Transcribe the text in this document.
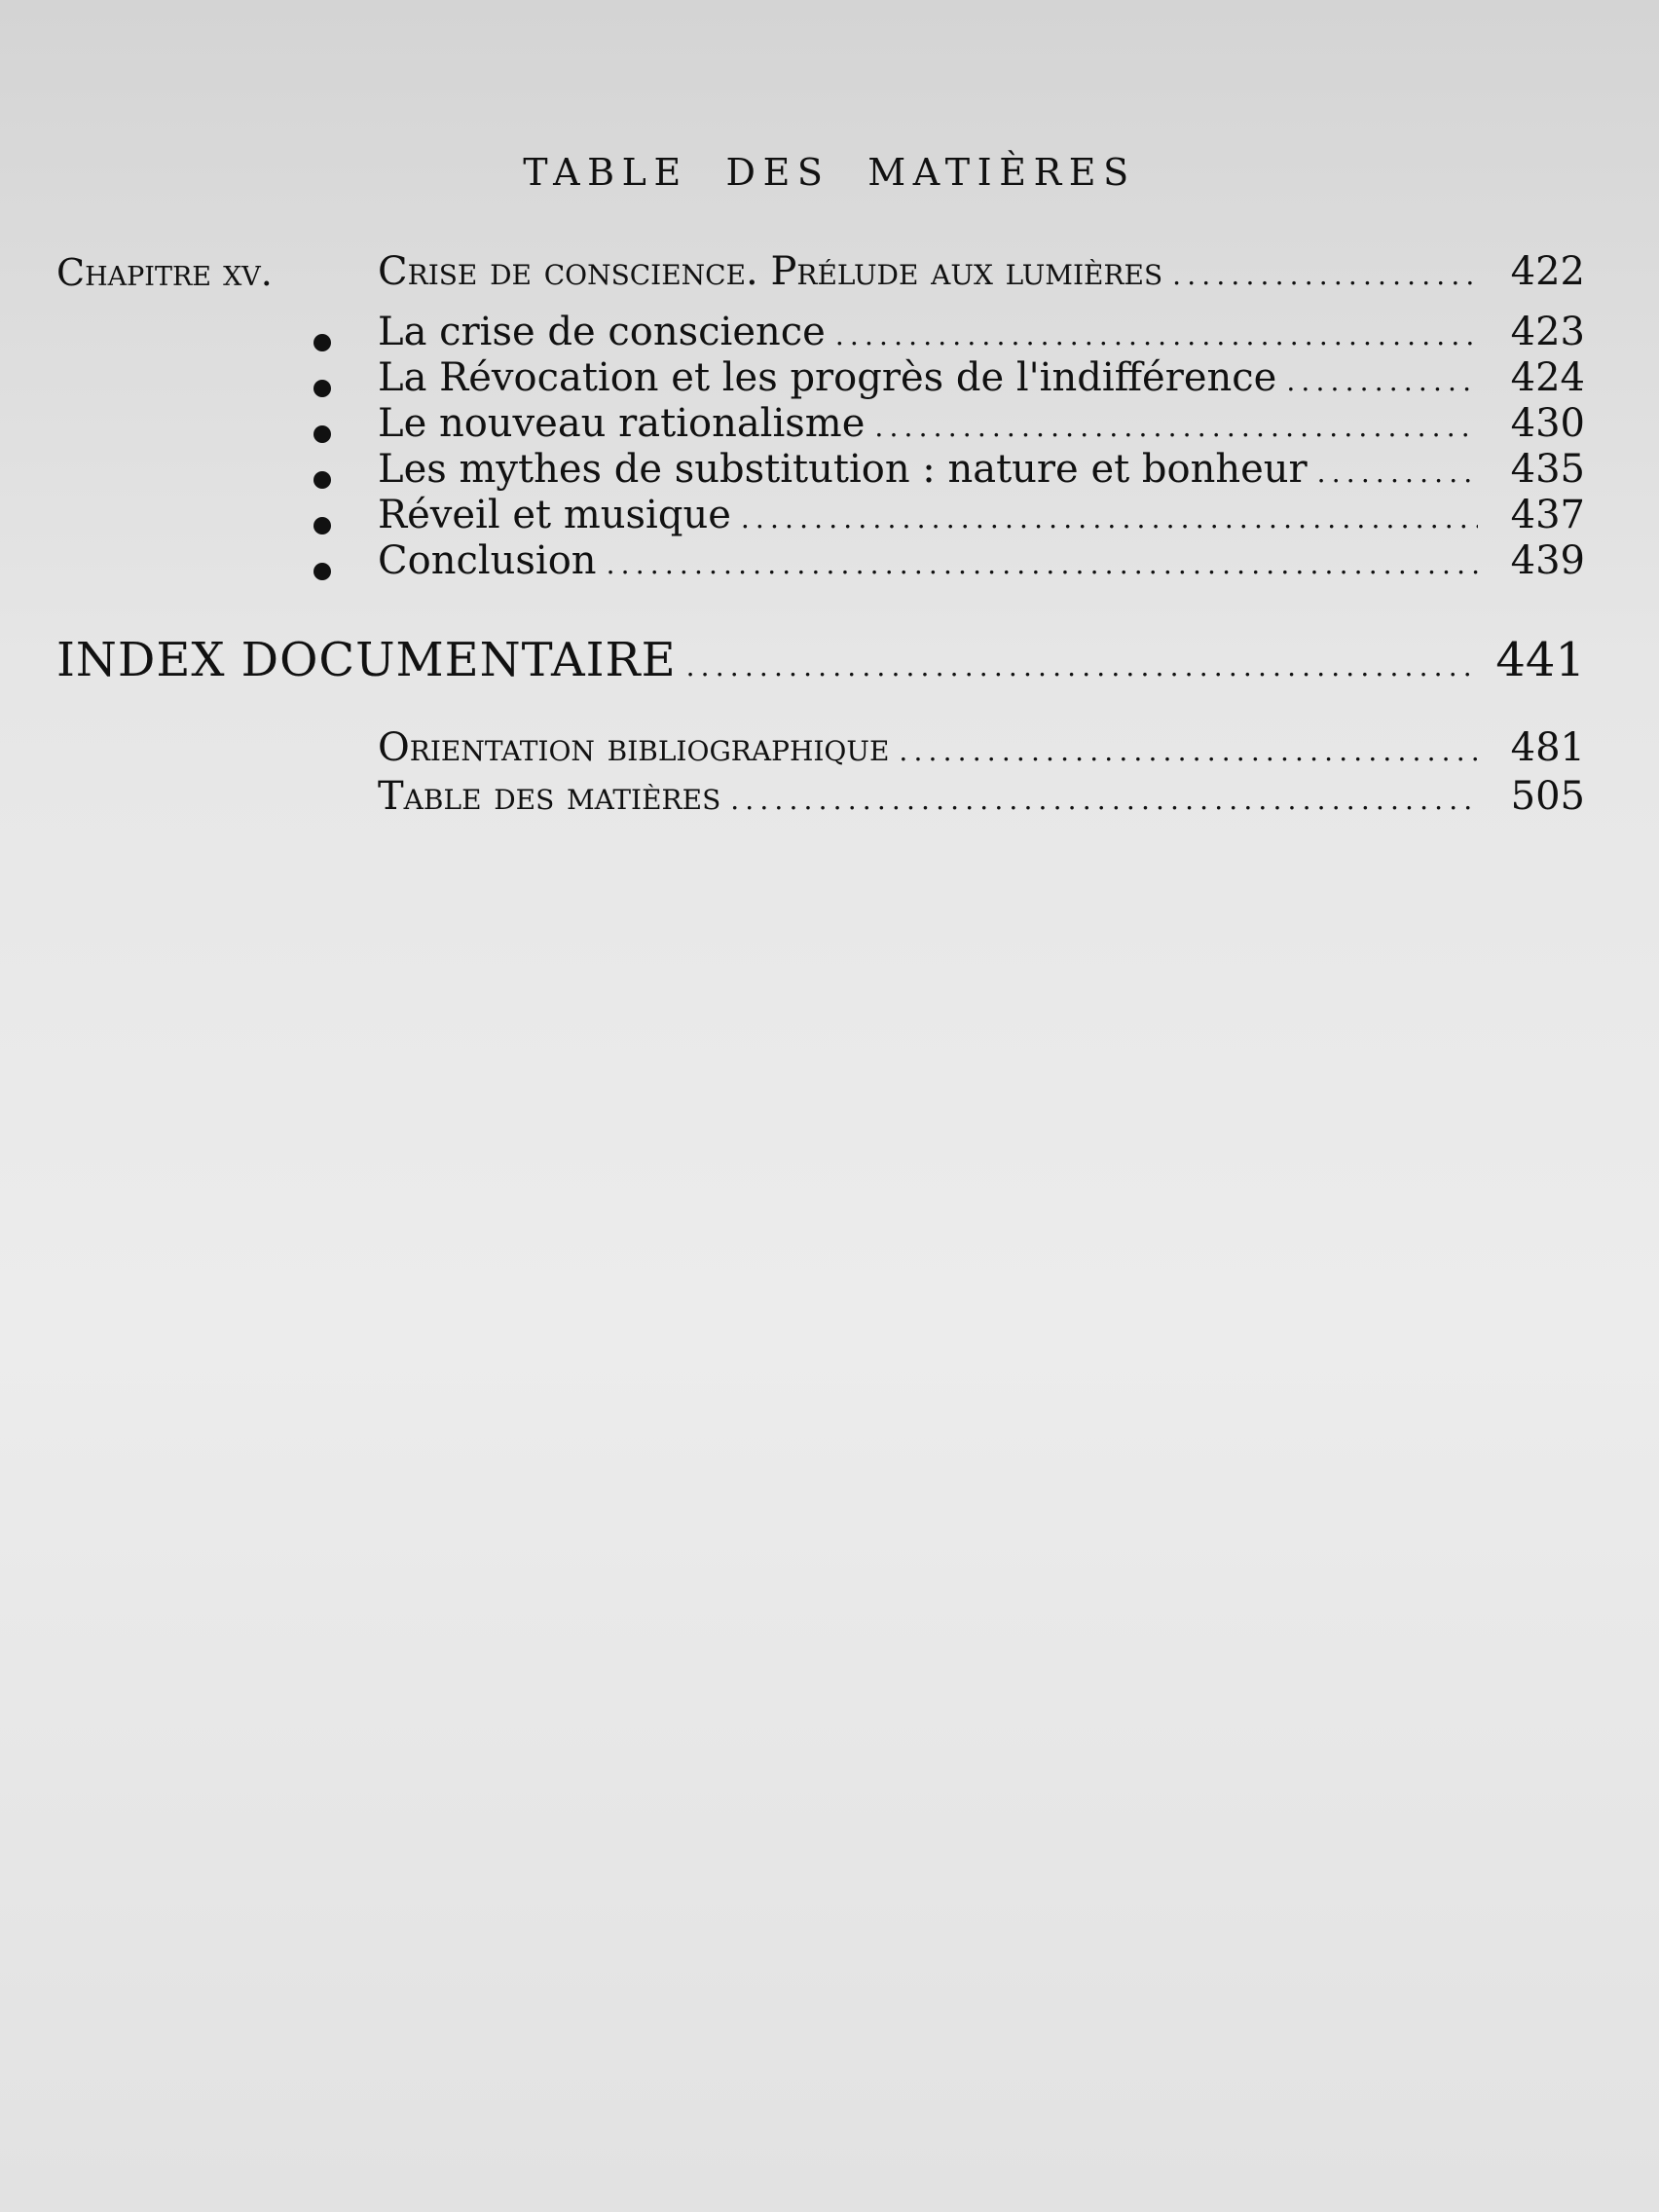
TABLE DES MATIÈRES
Chapitre xv.	Crise de conscience. Prélude aux lumières .....	422
La crise de conscience .....	423
La Révocation et les progrès de l'indifférence .....	424
Le nouveau rationalisme .....	430
Les mythes de substitution : nature et bonheur .....	435
Réveil et musique .....	437
Conclusion .....	439
INDEX DOCUMENTAIRE .....	441
Orientation bibliographique .....	481
Table des matières .....	505
